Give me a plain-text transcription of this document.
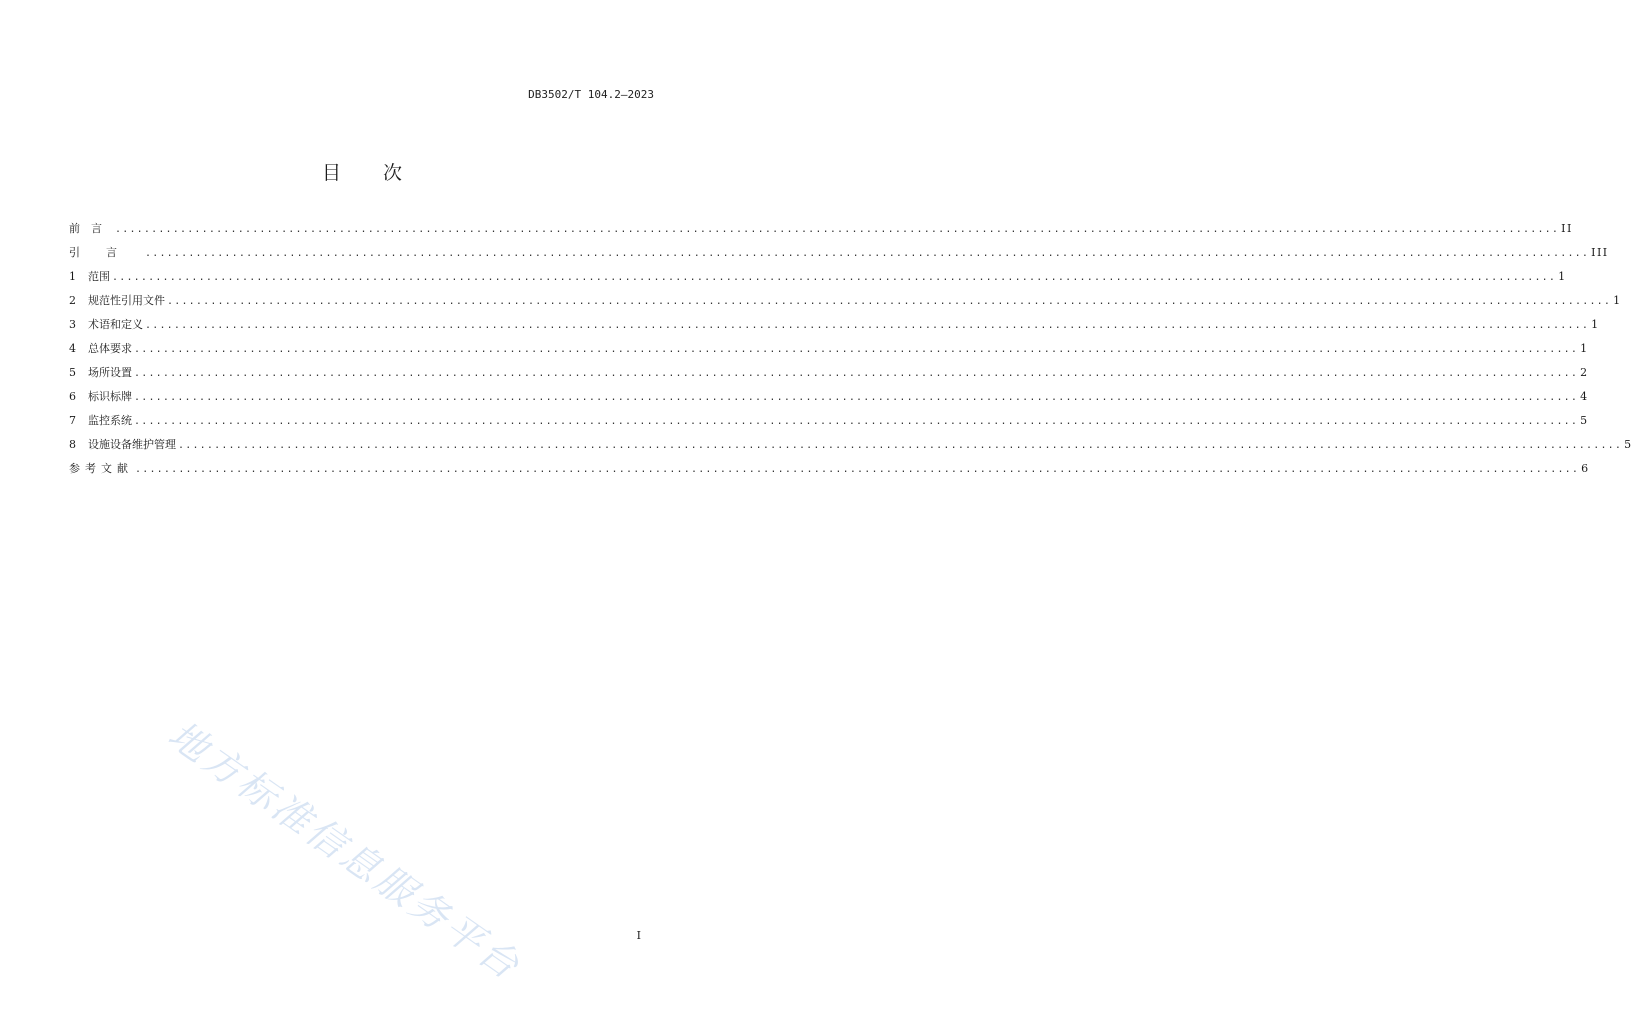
DB3502/T 104.2—2023
目 次
前言 ........................................................................................................................................................................................................ II
引言 ........................................................................................................................................................................................................ III
1	范围 ........................................................................................................................................................................................................ 1
2	规范性引用文件 ........................................................................................................................................................................................................ 1
3	术语和定义 ........................................................................................................................................................................................................ 1
4	总体要求 ........................................................................................................................................................................................................ 1
5	场所设置 ........................................................................................................................................................................................................ 2
6	标识标牌 ........................................................................................................................................................................................................ 4
7	监控系统 ........................................................................................................................................................................................................ 5
8	设施设备维护管理 ........................................................................................................................................................................................................ 5
参考文献 ........................................................................................................................................................................................................ 6
地方标准信息服务平台	I
